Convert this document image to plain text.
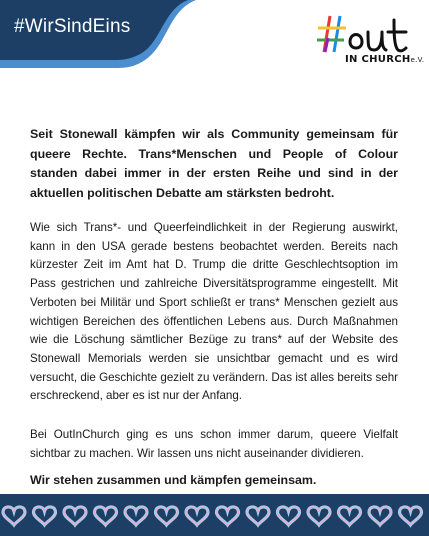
#WirSindEins
IN CHURCHe.V.

Seit Stonewall kämpfen wir als Community gemeinsam für queere Rechte. Trans*Menschen und People of Colour standen dabei immer in der ersten Reihe und sind in der aktuellen politischen Debatte am stärksten bedroht.

Wie sich Trans*- und Queerfeindlichkeit in der Regierung auswirkt, kann in den USA gerade bestens beobachtet werden. Bereits nach kürzester Zeit im Amt hat D. Trump die dritte Geschlechtsoption im Pass gestrichen und zahlreiche Diversitätsprogramme eingestellt. Mit Verboten bei Militär und Sport schließt er trans* Menschen gezielt aus wichtigen Bereichen des öffentlichen Lebens aus. Durch Maßnahmen wie die Löschung sämtlicher Bezüge zu trans* auf der Website des Stonewall Memorials werden sie unsichtbar gemacht und es wird versucht, die Geschichte gezielt zu verändern. Das ist alles bereits sehr erschreckend, aber es ist nur der Anfang.

Bei OutInChurch ging es uns schon immer darum, queere Vielfalt sichtbar zu machen. Wir lassen uns nicht auseinander dividieren.

Wir stehen zusammen und kämpfen gemeinsam.
